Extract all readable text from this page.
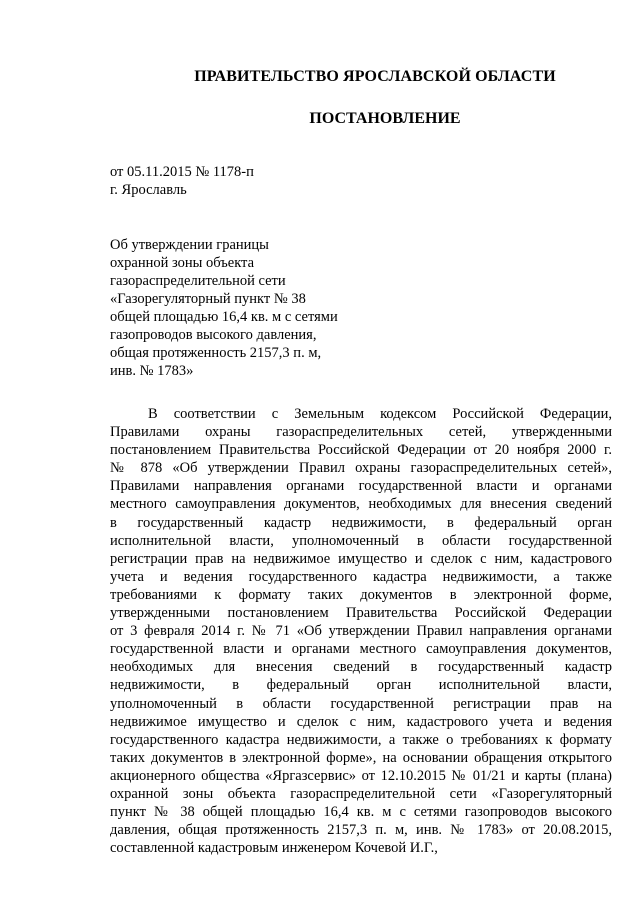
ПРАВИТЕЛЬСТВО ЯРОСЛАВСКОЙ ОБЛАСТИ
ПОСТАНОВЛЕНИЕ
от 05.11.2015 № 1178-п
г. Ярославль
Об утверждении границы
охранной зоны объекта
газораспределительной сети
«Газорегуляторный пункт № 38
общей площадью 16,4 кв. м с сетями
газопроводов высокого давления,
общая протяженность 2157,3 п. м,
инв. № 1783»
В соответствии с Земельным кодексом Российской Федерации,
Правилами охраны газораспределительных сетей, утвержденными
постановлением Правительства Российской Федерации от 20 ноября 2000 г.
№ 878 «Об утверждении Правил охраны газораспределительных сетей»,
Правилами направления органами государственной власти и органами
местного самоуправления документов, необходимых для внесения сведений
в государственный кадастр недвижимости, в федеральный орган
исполнительной власти, уполномоченный в области государственной
регистрации прав на недвижимое имущество и сделок с ним, кадастрового
учета и ведения государственного кадастра недвижимости, а также
требованиями к формату таких документов в электронной форме,
утвержденными постановлением Правительства Российской Федерации
от 3 февраля 2014 г. № 71 «Об утверждении Правил направления органами
государственной власти и органами местного самоуправления документов,
необходимых для внесения сведений в государственный кадастр
недвижимости, в федеральный орган исполнительной власти,
уполномоченный в области государственной регистрации прав на
недвижимое имущество и сделок с ним, кадастрового учета и ведения
государственного кадастра недвижимости, а также о требованиях к формату
таких документов в электронной форме», на основании обращения открытого
акционерного общества «Яргазсервис» от 12.10.2015 № 01/21 и карты (плана)
охранной зоны объекта газораспределительной сети «Газорегуляторный
пункт № 38 общей площадью 16,4 кв. м с сетями газопроводов высокого
давления, общая протяженность 2157,3 п. м, инв. № 1783» от 20.08.2015,
составленной кадастровым инженером Кочевой И.Г.,
